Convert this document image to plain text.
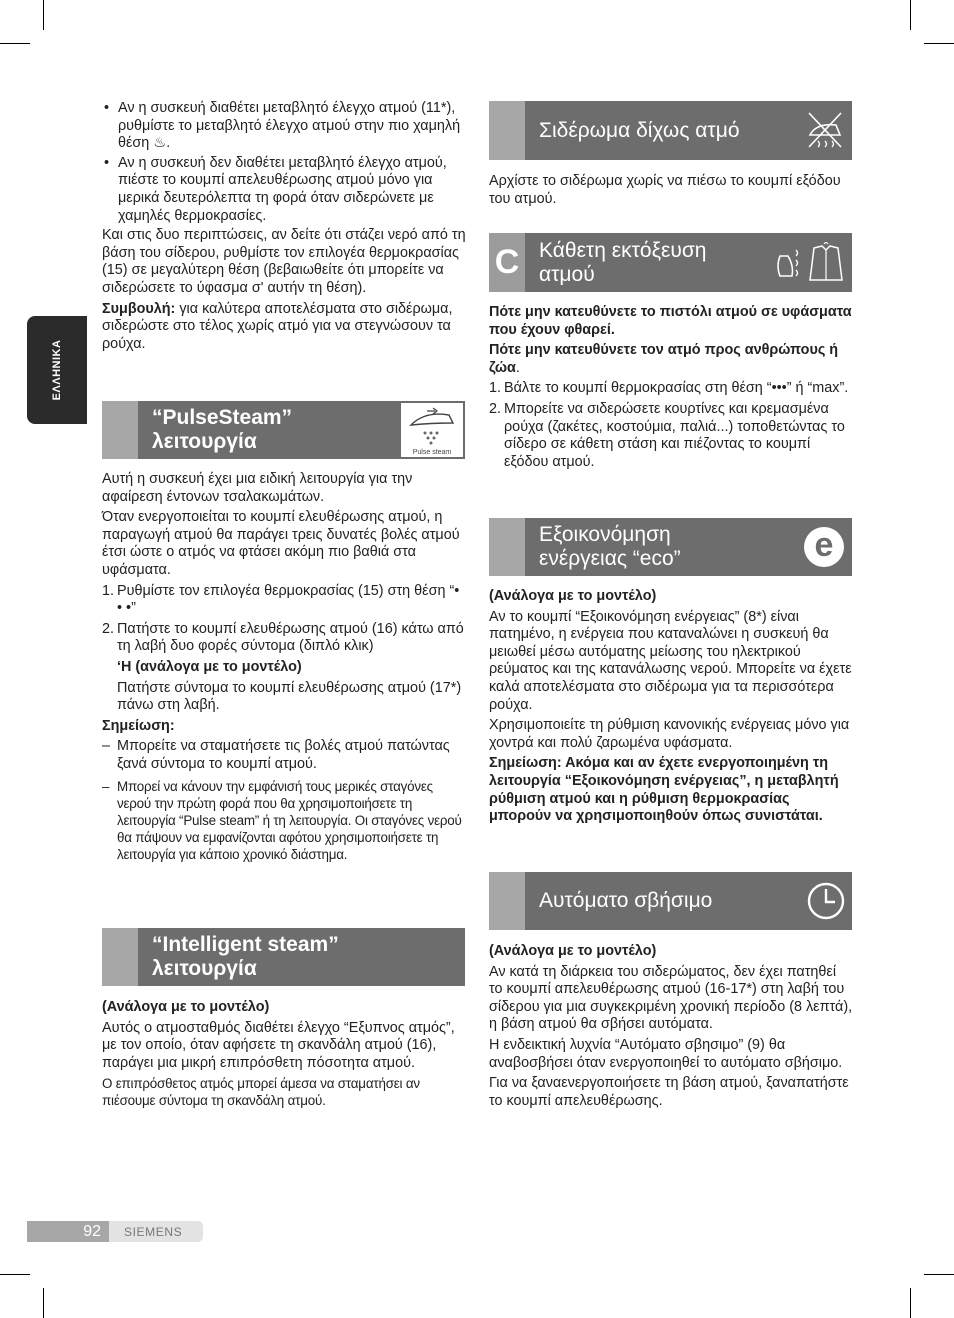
ΕΛΛΗΝΙΚΑ
• Αν η συσκευή διαθέτει μεταβλητό έλεγχο ατμού (11*), ρυθμίστε το μεταβλητό έλεγχο ατμού στην πιο χαμηλή θέση ♨.
• Αν η συσκευή δεν διαθέτει μεταβλητό έλεγχο ατμού, πιέστε το κουμπί απελευθέρωσης ατμού μόνο για μερικά δευτερόλεπτα τη φορά όταν σιδερώνετε με χαμηλές θερμοκρασίες.

Και στις δυο περιπτώσεις, αν δείτε ότι στάζει νερό από τη βάση του σίδερου, ρυθμίστε τον επιλογέα θερμοκρασίας (15) σε μεγαλύτερη θέση (βεβαιωθείτε ότι μπορείτε να σιδερώσετε το ύφασμα σ' αυτήν τη θέση).

Συμβουλή: για καλύτερα αποτελέσματα στο σιδέρωμα, σιδερώστε στο τέλος χωρίς ατμό για να στεγνώσουν τα ρούχα.

“PulseSteam” λειτουργία	Pulse steam

Αυτή η συσκευή έχει μια ειδική λειτουργία για την αφαίρεση έντονων τσαλακωμάτων.

Όταν ενεργοποιείται το κουμπί ελευθέρωσης ατμού, η παραγωγή ατμού θα παράγει τρεις δυνατές βολές ατμού έτσι ώστε ο ατμός να φτάσει ακόμη πιο βαθιά στα υφάσματα.

1. Ρυθμίστε τον επιλογέα θερμοκρασίας (15) στη θέση “• • •”
2. Πατήστε το κουμπί ελευθέρωσης ατμού (16) κάτω από τη λαβή δυο φορές σύντομα (διπλό κλικ)

‘Η (ανάλογα με το μοντέλο)

Πατήστε σύντομα το κουμπί ελευθέρωσης ατμού (17*) πάνω στη λαβή.

Σημείωση:

– Μπορείτε να σταματήσετε τις βολές ατμού πατώντας ξανά σύντομα το κουμπί ατμού.
– Μπορεί να κάνουν την εμφάνισή τους μερικές σταγόνες νερού την πρώτη φορά που θα χρησιμοποιήσετε τη λειτουργία “Pulse steam” ή τη λειτουργία. Οι σταγόνες νερού θα πάψουν να εμφανίζονται αφότου χρησιμοποιήσετε τη λειτουργία για κάποιο χρονικό διάστημα.
“Intelligent steam” λειτουργία

(Ανάλογα με το μοντέλο)

Αυτός ο ατμοσταθμός διαθέτει έλεγχο “Εξυπνος ατμός”, με τον οποίο, όταν αφήσετε τη σκανδάλη ατμού (16), παράγει μια μικρή επιπρόσθετη πόσοτητα ατμού.

Ο επιπρόσθετος ατμός μπορεί άμεσα να σταματήσει αν πιέσουμε σύντομα τη σκανδάλη ατμού.

Σιδέρωμα δίχως ατμό

Αρχίστε το σιδέρωμα χωρίς να πιέσω το κουμπί εξόδου του ατμού.

C Κάθετη εκτόξευση ατμού

Πότε μην κατευθύνετε το πιστόλι ατμού σε υφάσματα που έχουν φθαρεί.

Πότε μην κατευθύνετε τον ατμό προς ανθρώπους ή ζώα.

1. Βάλτε το κουμπί θερμοκρασίας στη θέση “•••” ή “max”.
2. Μπορείτε να σιδερώσετε κουρτίνες και κρεμασμένα ρούχα (ζακέτες, κοστούμια, παλιά...) τοποθετώντας το σίδερο σε κάθετη στάση και πιέζοντας το κουμπί εξόδου ατμού.
Εξοικονόμηση ενέργειας “eco”	e

(Ανάλογα με το μοντέλο)

Αν το κουμπί “Εξοικονόμηση ενέργειας” (8*) είναι πατημένο, η ενέργεια που καταναλώνει η συσκευή θα μειωθεί μέσω αυτόματης μείωσης του ηλεκτρικού ρεύματος και της κατανάλωσης νερού. Μπορείτε να έχετε καλά αποτελέσματα στο σιδέρωμα για τα περισσότερα ρούχα.

Χρησιμοποιείτε τη ρύθμιση κανονικής ενέργειας μόνο για χοντρά και πολύ ζαρωμένα υφάσματα.

Σημείωση: Ακόμα και αν έχετε ενεργοποιημένη τη λειτουργία “Εξοικονόμηση ενέργειας”, η μεταβλητή ρύθμιση ατμού και η ρύθμιση θερμοκρασίας μπορούν να χρησιμοποιηθούν όπως συνιστάται.

Αυτόματο σβήσιμο

(Ανάλογα με το μοντέλο)

Αν κατά τη διάρκεια του σιδερώματος, δεν έχει πατηθεί το κουμπί απελευθέρωσης ατμού (16-17*) στη λαβή του σίδερου για μια συγκεκριμένη χρονική περίοδο (8 λεπτά), η βάση ατμού θα σβήσει αυτόματα.

Η ενδεικτική λυχνία “Αυτόματο σβησιμο” (9) θα αναβοσβήσει όταν ενεργοποιηθεί το αυτόματο σβήσιμο.

Για να ξαναενεργοποιήσετε τη βάση ατμού, ξαναπατήστε το κουμπί απελευθέρωσης.

92	SIEMENS
